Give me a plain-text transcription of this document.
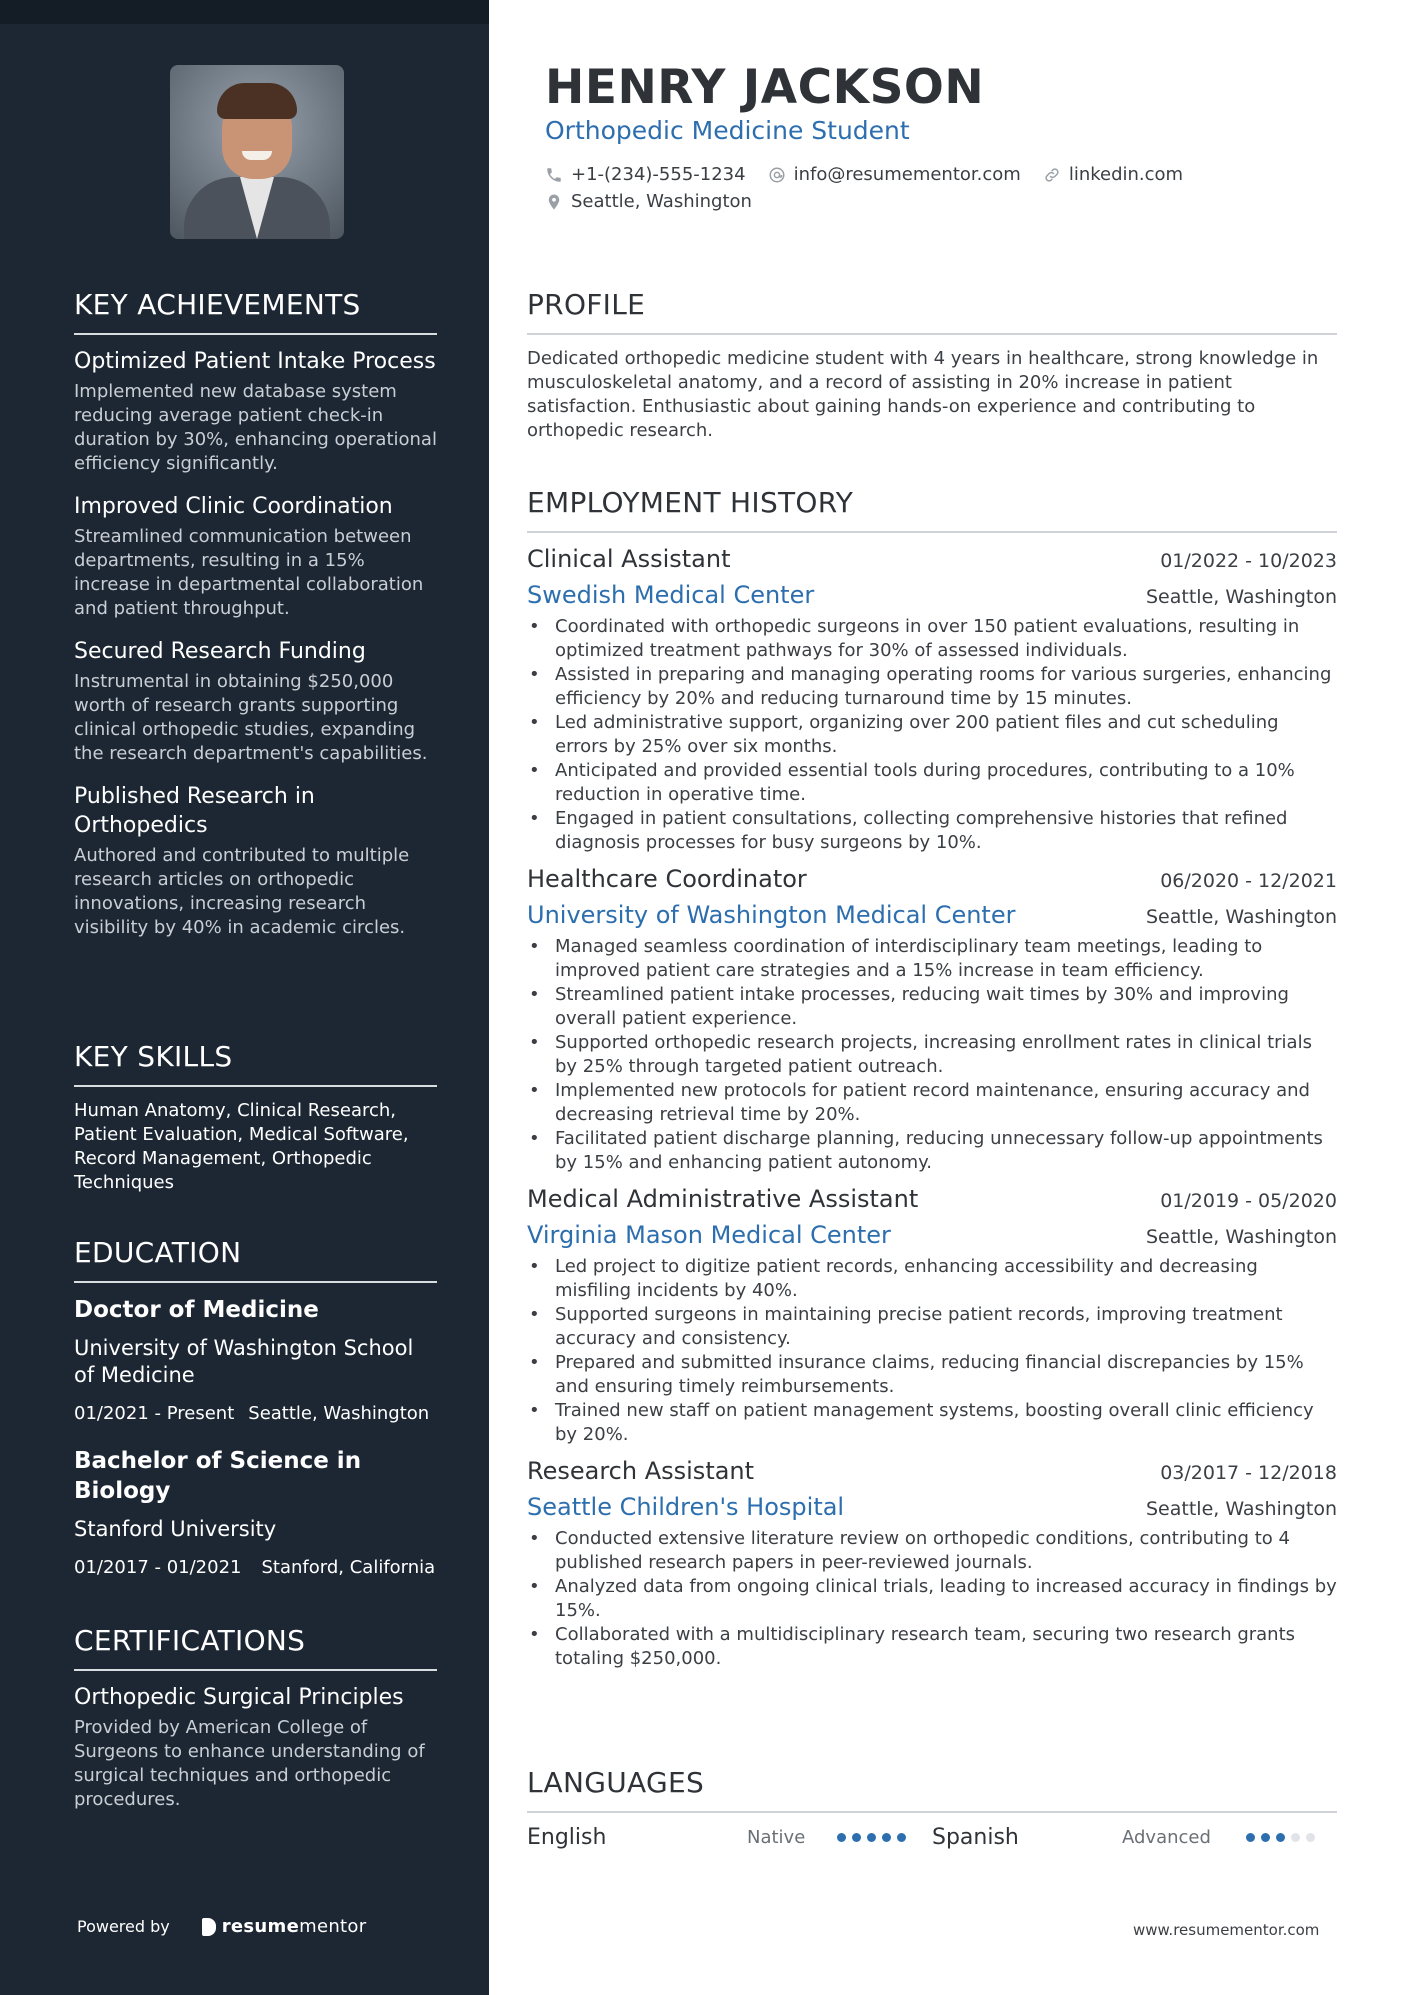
KEY ACHIEVEMENTS
Optimized Patient Intake Process
Implemented new database system reducing average patient check-in duration by 30%, enhancing operational efficiency significantly.
Improved Clinic Coordination
Streamlined communication between departments, resulting in a 15% increase in departmental collaboration and patient throughput.
Secured Research Funding
Instrumental in obtaining $250,000 worth of research grants supporting clinical orthopedic studies, expanding the research department's capabilities.
Published Research in Orthopedics
Authored and contributed to multiple research articles on orthopedic innovations, increasing research visibility by 40% in academic circles.
KEY SKILLS
Human Anatomy, Clinical Research, Patient Evaluation, Medical Software, Record Management, Orthopedic Techniques
EDUCATION
Doctor of Medicine
University of Washington School of Medicine
01/2021 - Present Seattle, Washington
Bachelor of Science in Biology
Stanford University
01/2017 - 01/2021 Stanford, California
CERTIFICATIONS
Orthopedic Surgical Principles
Provided by American College of Surgeons to enhance understanding of surgical techniques and orthopedic procedures.
Powered by	resume mentor
HENRY JACKSON
Orthopedic Medicine Student
+1-(234)-555-1234	info@resumementor.com	linkedin.com
Seattle, Washington
PROFILE
Dedicated orthopedic medicine student with 4 years in healthcare, strong knowledge in musculoskeletal anatomy, and a record of assisting in 20% increase in patient satisfaction. Enthusiastic about gaining hands-on experience and contributing to orthopedic research.
EMPLOYMENT HISTORY
Clinical Assistant	01/2022 - 10/2023
Swedish Medical Center	Seattle, Washington
• Coordinated with orthopedic surgeons in over 150 patient evaluations, resulting in optimized treatment pathways for 30% of assessed individuals.
• Assisted in preparing and managing operating rooms for various surgeries, enhancing efficiency by 20% and reducing turnaround time by 15 minutes.
• Led administrative support, organizing over 200 patient files and cut scheduling errors by 25% over six months.
• Anticipated and provided essential tools during procedures, contributing to a 10% reduction in operative time.
• Engaged in patient consultations, collecting comprehensive histories that refined diagnosis processes for busy surgeons by 10%.
Healthcare Coordinator	06/2020 - 12/2021
University of Washington Medical Center	Seattle, Washington
• Managed seamless coordination of interdisciplinary team meetings, leading to improved patient care strategies and a 15% increase in team efficiency.
• Streamlined patient intake processes, reducing wait times by 30% and improving overall patient experience.
• Supported orthopedic research projects, increasing enrollment rates in clinical trials by 25% through targeted patient outreach.
• Implemented new protocols for patient record maintenance, ensuring accuracy and decreasing retrieval time by 20%.
• Facilitated patient discharge planning, reducing unnecessary follow-up appointments by 15% and enhancing patient autonomy.
Medical Administrative Assistant	01/2019 - 05/2020
Virginia Mason Medical Center	Seattle, Washington
• Led project to digitize patient records, enhancing accessibility and decreasing misfiling incidents by 40%.
• Supported surgeons in maintaining precise patient records, improving treatment accuracy and consistency.
• Prepared and submitted insurance claims, reducing financial discrepancies by 15% and ensuring timely reimbursements.
• Trained new staff on patient management systems, boosting overall clinic efficiency by 20%.
Research Assistant	03/2017 - 12/2018
Seattle Children's Hospital	Seattle, Washington
• Conducted extensive literature review on orthopedic conditions, contributing to 4 published research papers in peer-reviewed journals.
• Analyzed data from ongoing clinical trials, leading to increased accuracy in findings by 15%.
• Collaborated with a multidisciplinary research team, securing two research grants totaling $250,000.
LANGUAGES
English	Native	Spanish	Advanced
www.resumementor.com
